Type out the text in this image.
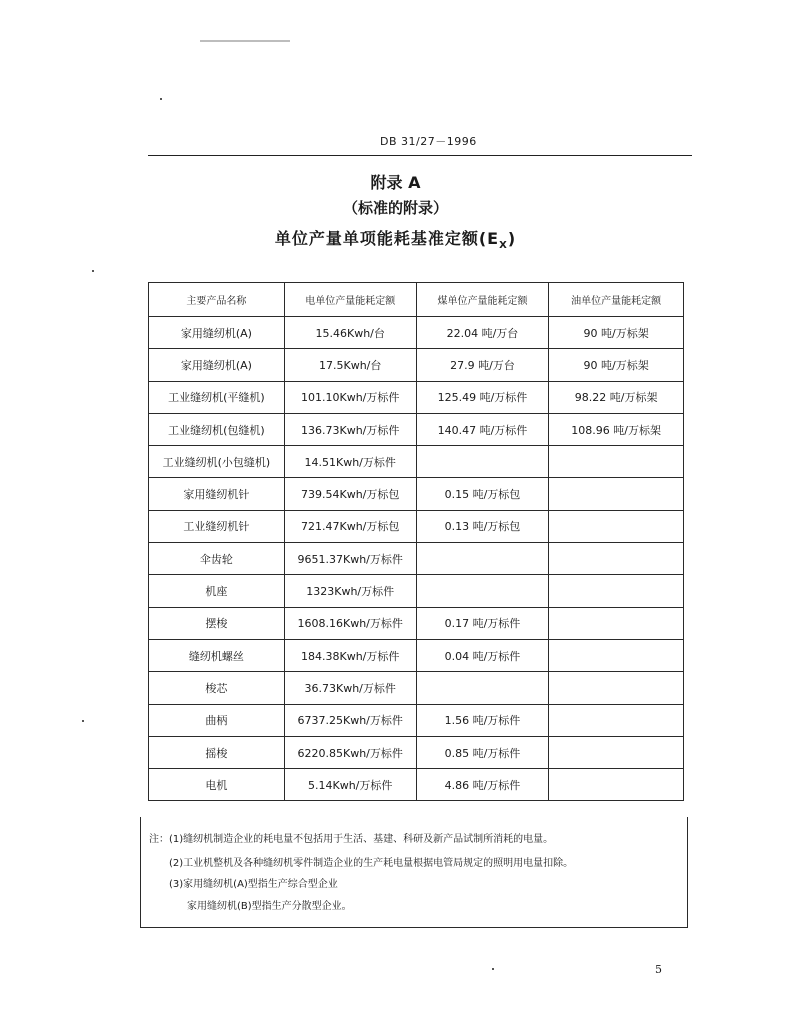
DB 31/27－1996
附录 A
（标准的附录）
单位产量单项能耗基准定额$(E_X)$
主要产品名称	电单位产量能耗定额	煤单位产量能耗定额	油单位产量能耗定额
家用缝纫机(A)	15.46Kwh/台	22.04 吨/万台	90 吨/万标架
家用缝纫机(A)	17.5Kwh/台	27.9 吨/万台	90 吨/万标架
工业缝纫机(平缝机)	101.10Kwh/万标件	125.49 吨/万标件	98.22 吨/万标架
工业缝纫机(包缝机)	136.73Kwh/万标件	140.47 吨/万标件	108.96 吨/万标架
工业缝纫机(小包缝机)	14.51Kwh/万标件		
家用缝纫机针	739.54Kwh/万标包	0.15 吨/万标包	
工业缝纫机针	721.47Kwh/万标包	0.13 吨/万标包	
伞齿轮	9651.37Kwh/万标件		
机座	1323Kwh/万标件		
摆梭	1608.16Kwh/万标件	0.17 吨/万标件	
缝纫机螺丝	184.38Kwh/万标件	0.04 吨/万标件	
梭芯	36.73Kwh/万标件		
曲柄	6737.25Kwh/万标件	1.56 吨/万标件	
摇梭	6220.85Kwh/万标件	0.85 吨/万标件	
电机	5.14Kwh/万标件	4.86 吨/万标件	
注：(1)缝纫机制造企业的耗电量不包括用于生活、基建、科研及新产品试制所消耗的电量。
(2)工业机整机及各种缝纫机零件制造企业的生产耗电量根据电管局规定的照明用电量扣除。
(3)家用缝纫机(A)型指生产综合型企业
家用缝纫机(B)型指生产分散型企业。
5
